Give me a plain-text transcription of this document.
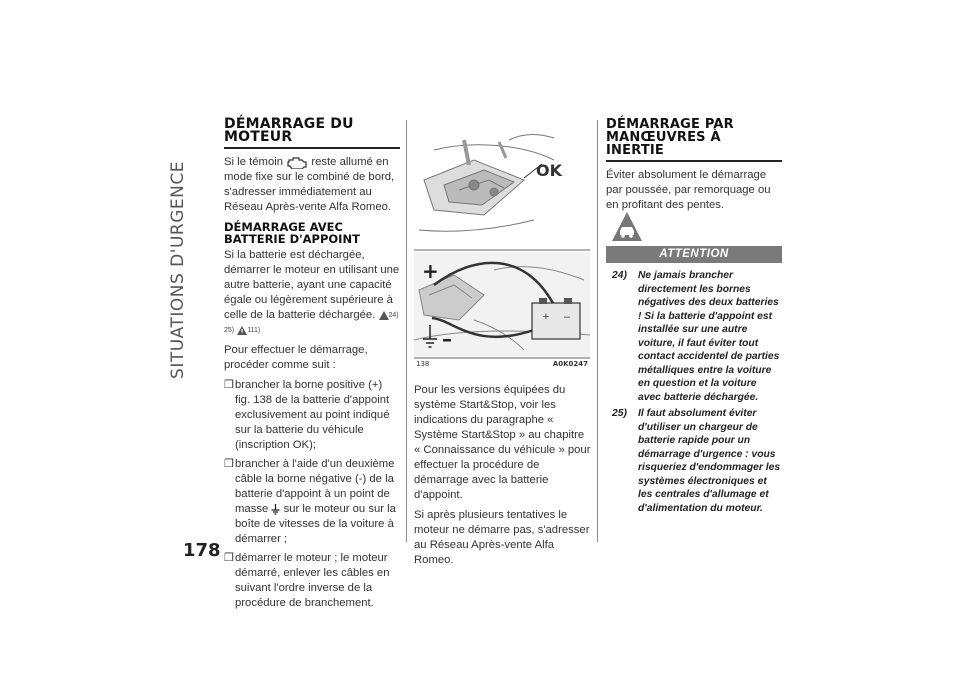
SITUATIONS D'URGENCE
178
DÉMARRAGE DU MOTEUR

Si le témoin	reste allumé en mode fixe sur le combiné de bord, s'adresser immédiatement au Réseau Après-vente Alfa Romeo.

DÉMARRAGE AVEC BATTERIE D'APPOINT

Si la batterie est déchargée, démarrer le moteur en utilisant une autre batterie, ayant une capacité égale ou légèrement supérieure à celle de la batterie déchargée. $^{24) 25)}$ $^{111)}$

Pour effectuer le démarrage, procéder comme suit :

❒ brancher la borne positive (+) fig. 138 de la batterie d'appoint exclusivement au point indiqué sur la batterie du véhicule (inscription OK);
❒ brancher à l'aide d'un deuxième câble la borne négative (-) de la batterie d'appoint à un point de masse sur le moteur ou sur la boîte de vitesses de la voiture à démarrer ;
❒ démarrer le moteur ; le moteur démarré, enlever les câbles en suivant l'ordre inverse de la procédure de branchement.
OK
+ –
+
–
138	A0K0247

Pour les versions équipées du système Start&Stop, voir les indications du paragraphe « Système Start&Stop » au chapitre « Connaissance du véhicule » pour effectuer la procédure de démarrage avec la batterie d'appoint.

Si après plusieurs tentatives le moteur ne démarre pas, s'adresser au Réseau Après-vente Alfa Romeo.

DÉMARRAGE PAR MANŒUVRES À INERTIE

Éviter absolument le démarrage par poussée, par remorquage ou en profitant des pentes.

ATTENTION
24)	Ne jamais brancher directement les bornes négatives des deux batteries ! Si la batterie d'appoint est installée sur une autre voiture, il faut éviter tout contact accidentel de parties métalliques entre la voiture en question et la voiture avec batterie déchargée.
25)	Il faut absolument éviter d'utiliser un chargeur de batterie rapide pour un démarrage d'urgence : vous risqueriez d'endommager les systèmes électroniques et les centrales d'allumage et d'alimentation du moteur.
